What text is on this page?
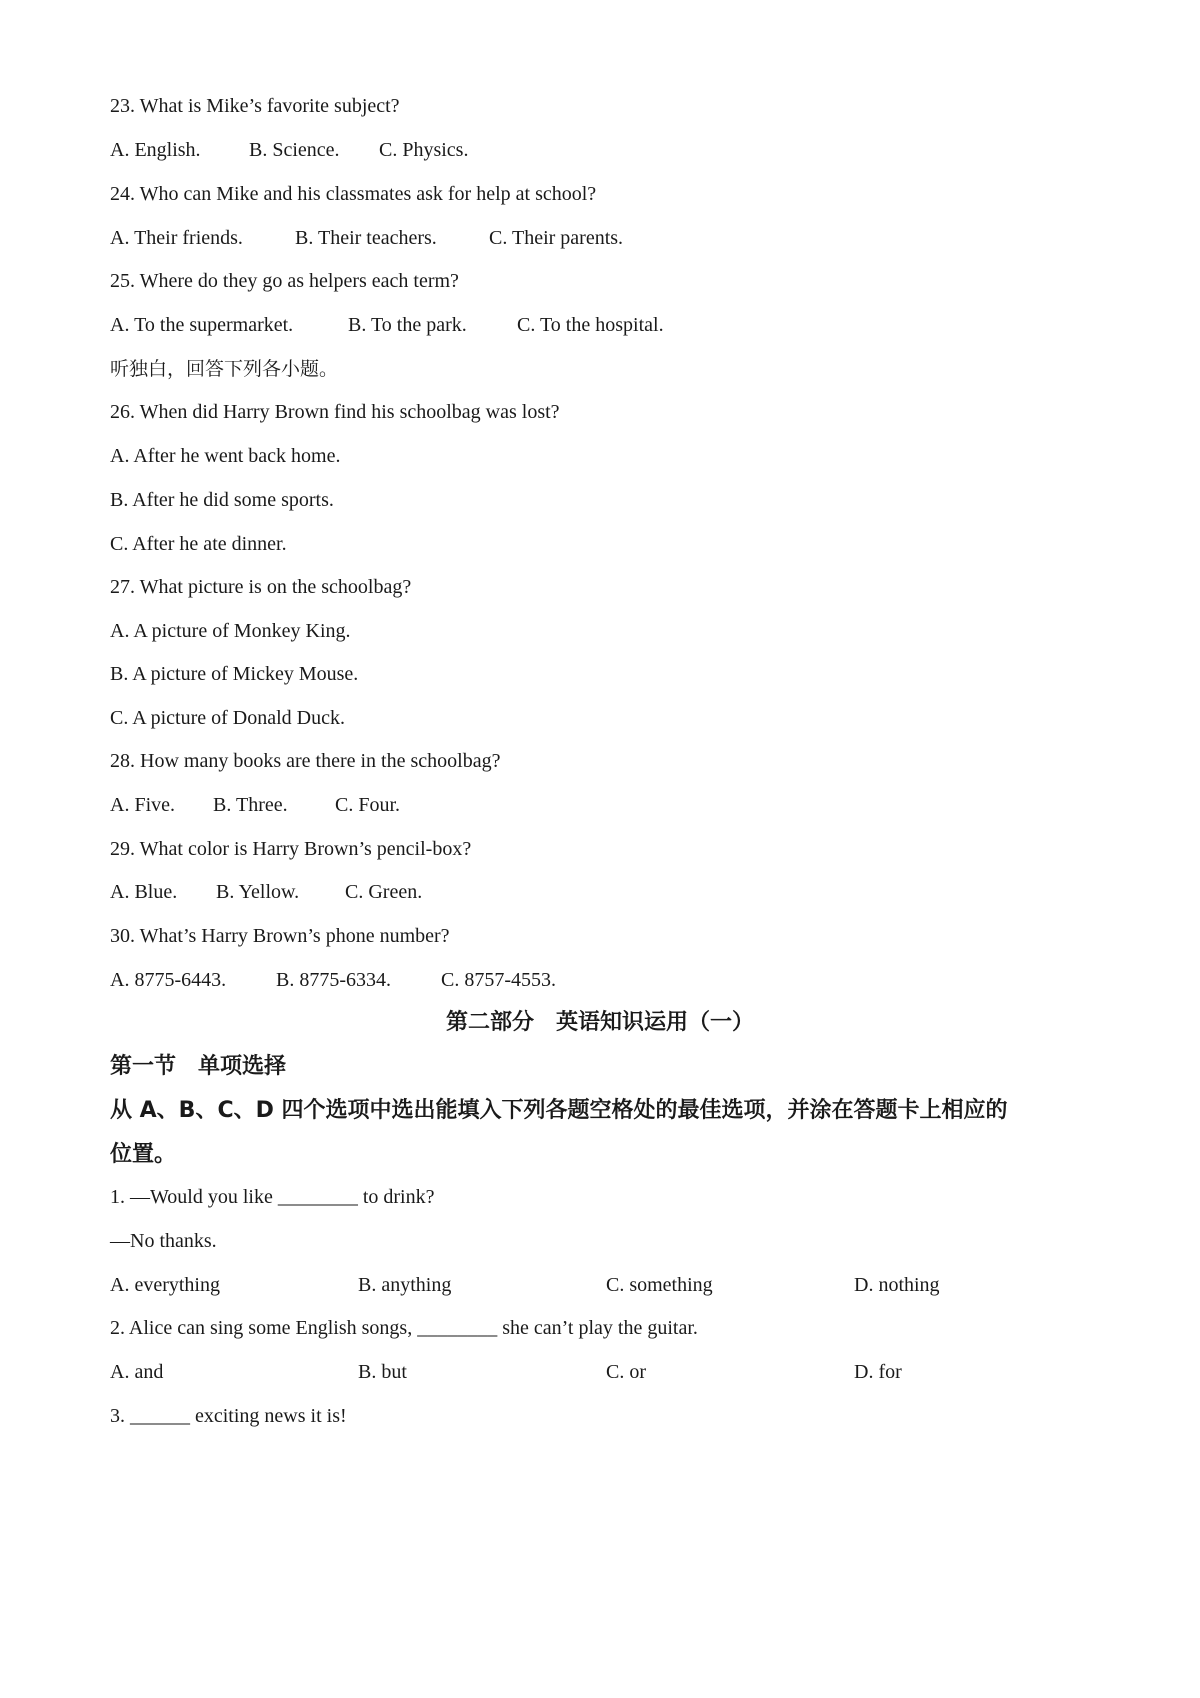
23. What is Mike’s favorite subject?
A. English. B. Science. C. Physics.
24. Who can Mike and his classmates ask for help at school?
A. Their friends.	B. Their teachers.	C. Their parents.
25. Where do they go as helpers each term?
A. To the supermarket.	B. To the park.	C. To the hospital.
听独白，回答下列各小题。
26. When did Harry Brown find his schoolbag was lost?
A. After he went back home.
B. After he did some sports.
C. After he ate dinner.
27. What picture is on the schoolbag?
A. A picture of Monkey King.
B. A picture of Mickey Mouse.
C. A picture of Donald Duck.
28. How many books are there in the schoolbag?
A. Five. B. Three. C. Four.
29. What color is Harry Brown’s pencil-box?
A. Blue. B. Yellow. C. Green.
30. What’s Harry Brown’s phone number?
A. 8775-6443. B. 8775-6334.	C. 8757-4553.
第二部分　英语知识运用（一）
第一节　单项选择
从 A、B、C、D 四个选项中选出能填入下列各题空格处的最佳选项，并涂在答题卡上相应的
位置。
1. —Would you like ________ to drink?
—No thanks.
A. everything	B. anything	C. something	D. nothing
2. Alice can sing some English songs, ________ she can’t play the guitar.
A. and	B. but	C. or	D. for
3. ______ exciting news it is!
